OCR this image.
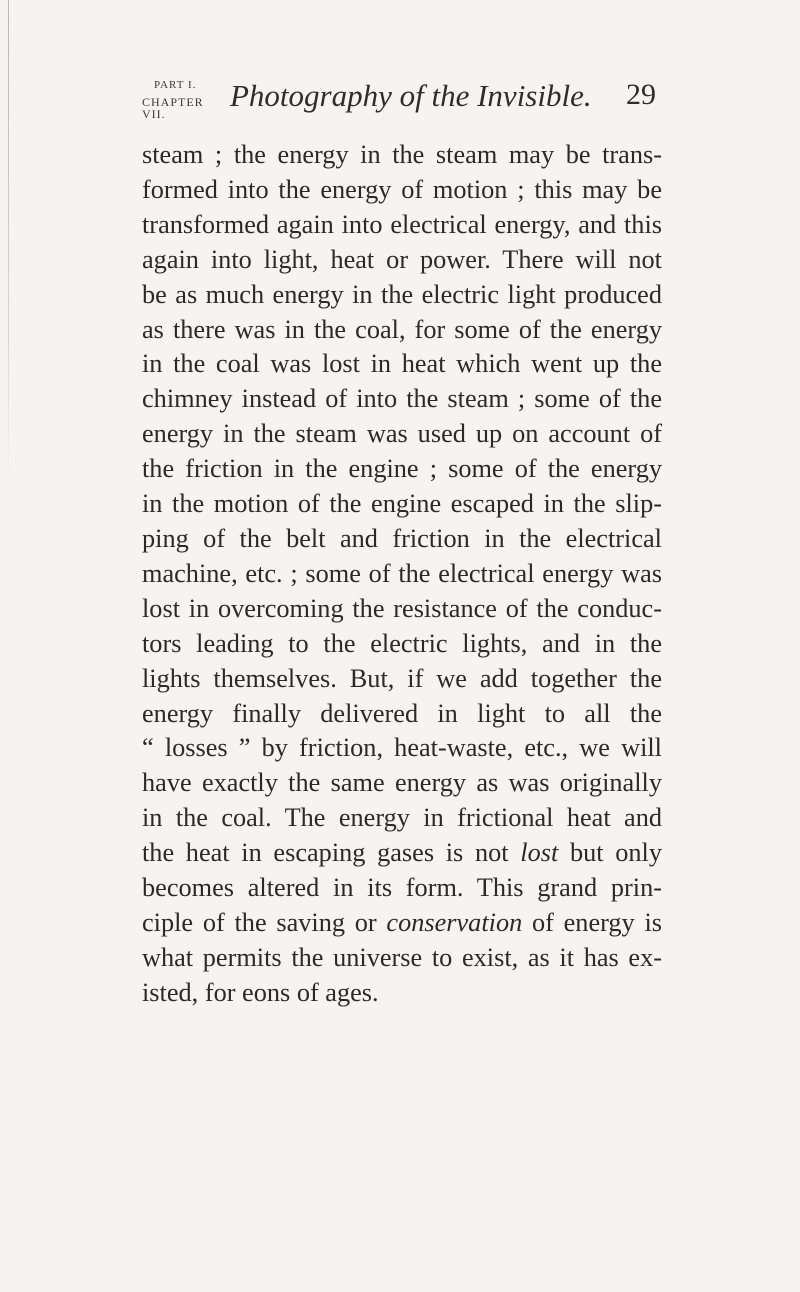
PART I.
CHAPTER VII.
Photography of the Invisible. 29

steam ; the energy in the steam may be trans-
formed into the energy of motion ; this may be
transformed again into electrical energy, and this
again into light, heat or power. There will not
be as much energy in the electric light produced
as there was in the coal, for some of the energy
in the coal was lost in heat which went up the
chimney instead of into the steam ; some of the
energy in the steam was used up on account of
the friction in the engine ; some of the energy
in the motion of the engine escaped in the slip-
ping of the belt and friction in the electrical
machine, etc. ; some of the electrical energy was
lost in overcoming the resistance of the conduc-
tors leading to the electric lights, and in the
lights themselves. But, if we add together the
energy finally delivered in light to all the
“ losses ” by friction, heat-waste, etc., we will
have exactly the same energy as was originally
in the coal. The energy in frictional heat and
the heat in escaping gases is not lost but only
becomes altered in its form. This grand prin-
ciple of the saving or conservation of energy is
what permits the universe to exist, as it has ex-
isted, for eons of ages.
